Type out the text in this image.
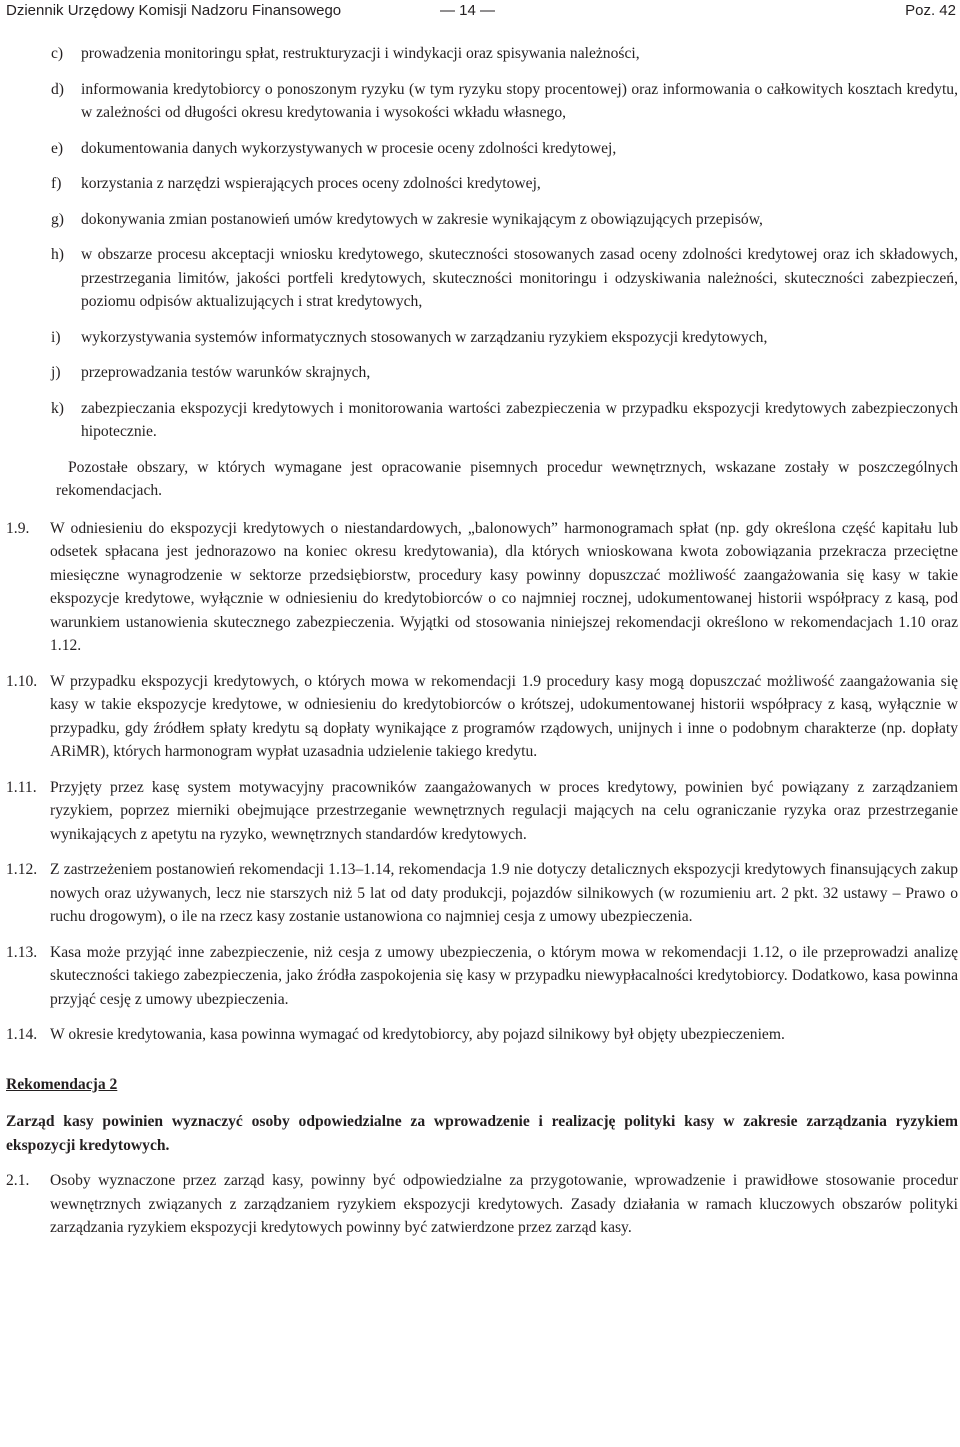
Dziennik Urzędowy Komisji Nadzoru Finansowego	— 14 —	Poz. 42
c)	prowadzenia monitoringu spłat, restrukturyzacji i windykacji oraz spisywania należności,
d)	informowania kredytobiorcy o ponoszonym ryzyku (w tym ryzyku stopy procentowej) oraz informowania o całkowitych kosztach kredytu, w zależności od długości okresu kredytowania i wysokości wkładu własnego,
e)	dokumentowania danych wykorzystywanych w procesie oceny zdolności kredytowej,
f)	korzystania z narzędzi wspierających proces oceny zdolności kredytowej,
g)	dokonywania zmian postanowień umów kredytowych w zakresie wynikającym z obowiązujących przepisów,
h)	w obszarze procesu akceptacji wniosku kredytowego, skuteczności stosowanych zasad oceny zdolności kredytowej oraz ich składowych, przestrzegania limitów, jakości portfeli kredytowych, skuteczności monitoringu i odzyskiwania należności, skuteczności zabezpieczeń, poziomu odpisów aktualizujących i strat kredytowych,
i)	wykorzystywania systemów informatycznych stosowanych w zarządzaniu ryzykiem ekspozycji kredytowych,
j)	przeprowadzania testów warunków skrajnych,
k)	zabezpieczania ekspozycji kredytowych i monitorowania wartości zabezpieczenia w przypadku ekspozycji kredytowych zabezpieczonych hipotecznie.
Pozostałe obszary, w których wymagane jest opracowanie pisemnych procedur wewnętrznych, wskazane zostały w poszczególnych rekomendacjach.
1.9. W odniesieniu do ekspozycji kredytowych o niestandardowych, „balonowych” harmonogramach spłat (np. gdy określona część kapitału lub odsetek spłacana jest jednorazowo na koniec okresu kredytowania), dla których wnioskowana kwota zobowiązania przekracza przeciętne miesięczne wynagrodzenie w sektorze przedsiębiorstw, procedury kasy powinny dopuszczać możliwość zaangażowania się kasy w takie ekspozycje kredytowe, wyłącznie w odniesieniu do kredytobiorców o co najmniej rocznej, udokumentowanej historii współpracy z kasą, pod warunkiem ustanowienia skutecznego zabezpieczenia. Wyjątki od stosowania niniejszej rekomendacji określono w rekomendacjach 1.10 oraz 1.12.
1.10. W przypadku ekspozycji kredytowych, o których mowa w rekomendacji 1.9 procedury kasy mogą dopuszczać możliwość zaangażowania się kasy w takie ekspozycje kredytowe, w odniesieniu do kredytobiorców o krótszej, udokumentowanej historii współpracy z kasą, wyłącznie w przypadku, gdy źródłem spłaty kredytu są dopłaty wynikające z programów rządowych, unijnych i inne o podobnym charakterze (np. dopłaty ARiMR), których harmonogram wypłat uzasadnia udzielenie takiego kredytu.
1.11. Przyjęty przez kasę system motywacyjny pracowników zaangażowanych w proces kredytowy, powinien być powiązany z zarządzaniem ryzykiem, poprzez mierniki obejmujące przestrzeganie wewnętrznych regulacji mających na celu ograniczanie ryzyka oraz przestrzeganie wynikających z apetytu na ryzyko, wewnętrznych standardów kredytowych.
1.12. Z zastrzeżeniem postanowień rekomendacji 1.13–1.14, rekomendacja 1.9 nie dotyczy detalicznych ekspozycji kredytowych finansujących zakup nowych oraz używanych, lecz nie starszych niż 5 lat od daty produkcji, pojazdów silnikowych (w rozumieniu art. 2 pkt. 32 ustawy – Prawo o ruchu drogowym), o ile na rzecz kasy zostanie ustanowiona co najmniej cesja z umowy ubezpieczenia.
1.13. Kasa może przyjąć inne zabezpieczenie, niż cesja z umowy ubezpieczenia, o którym mowa w rekomendacji 1.12, o ile przeprowadzi analizę skuteczności takiego zabezpieczenia, jako źródła zaspokojenia się kasy w przypadku niewypłacalności kredytobiorcy. Dodatkowo, kasa powinna przyjąć cesję z umowy ubezpieczenia.
1.14. W okresie kredytowania, kasa powinna wymagać od kredytobiorcy, aby pojazd silnikowy był objęty ubezpieczeniem.
Rekomendacja 2
Zarząd kasy powinien wyznaczyć osoby odpowiedzialne za wprowadzenie i realizację polityki kasy w zakresie zarządzania ryzykiem ekspozycji kredytowych.
2.1. Osoby wyznaczone przez zarząd kasy, powinny być odpowiedzialne za przygotowanie, wprowadzenie i prawidłowe stosowanie procedur wewnętrznych związanych z zarządzaniem ryzykiem ekspozycji kredytowych. Zasady działania w ramach kluczowych obszarów polityki zarządzania ryzykiem ekspozycji kredytowych powinny być zatwierdzone przez zarząd kasy.
